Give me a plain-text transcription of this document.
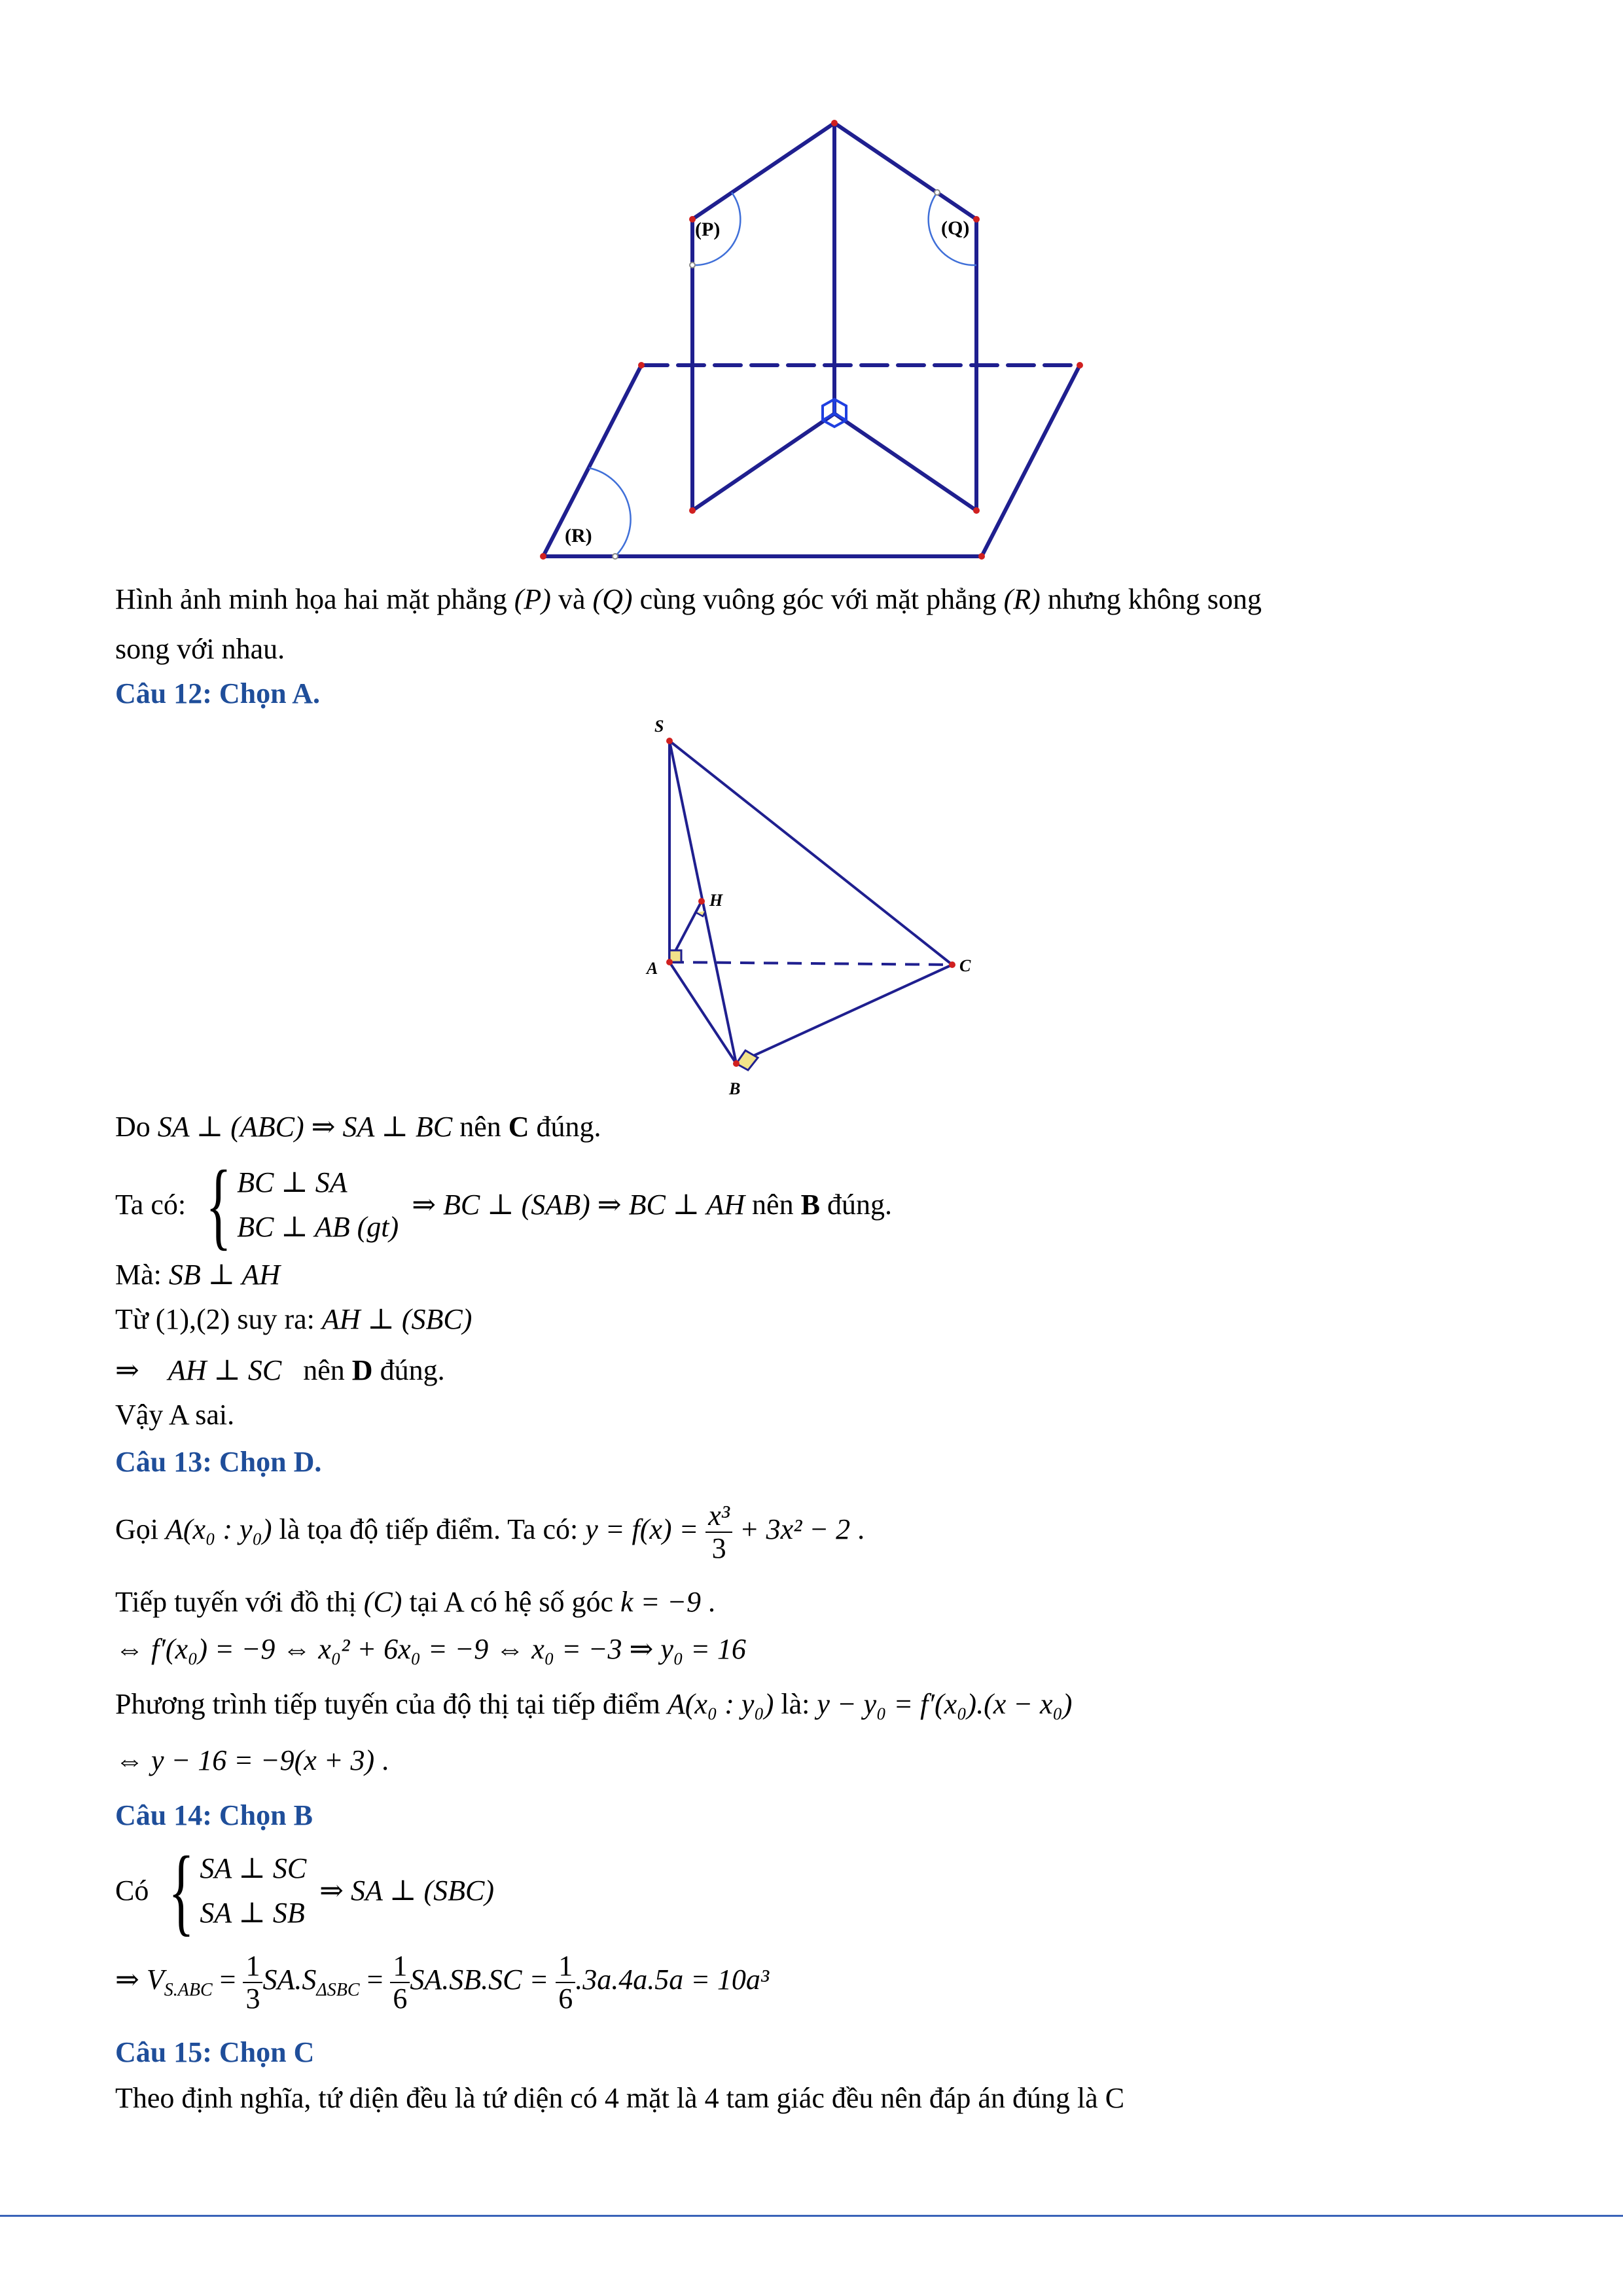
(P)	(Q)
(R)
Hình ảnh minh họa hai mặt phẳng (P) và (Q) cùng vuông góc với mặt phẳng (R) nhưng không song
song với nhau.
Câu 12: Chọn A.
S
H
A	C
B
Do SA ⊥ (ABC) ⇒ SA ⊥ BC nên C đúng.
Ta có: { BC ⊥ SA
BC ⊥ AB (gt)
⇒ BC ⊥ (SAB) ⇒ BC ⊥ AH nên B đúng.
Mà: SB ⊥ AH
Từ (1),(2) suy ra: AH ⊥ (SBC)
⇒ AH ⊥ SC nên D đúng.
Vậy A sai.
Câu 13: Chọn D.
Gọi A(x₀ : y₀) là tọa độ tiếp điểm. Ta có: $y = f(x) = \frac{\text{x³}}{3} + 3x^2 - 2$ .
Tiếp tuyến với đồ thị (C) tại A có hệ số góc k = −9 .
⇔ f′(x₀) = −9 ⇔ x₀² + 6x₀ = −9 ⇔ x₀ = −3 ⇒ y₀ = 16
Phương trình tiếp tuyến của độ thị tại tiếp điểm A(x₀ : y₀) là: y − y₀ = f′(x₀).(x − x₀)
⇔ y − 16 = −9(x + 3) .
Câu 14: Chọn B
Có { SA ⊥ SC
SA ⊥ SB
⇒ SA ⊥ (SBC)
⇒ $V_{S.ABC} = \frac{1}{3} SA.S_{\Delta SBC} = \frac{1}{6} SA.SB.SC = \frac{1}{6} .3a.4a.5a = 10a^3$
Câu 15: Chọn C
Theo định nghĩa, tứ diện đều là tứ diện có 4 mặt là 4 tam giác đều nên đáp án đúng là C
